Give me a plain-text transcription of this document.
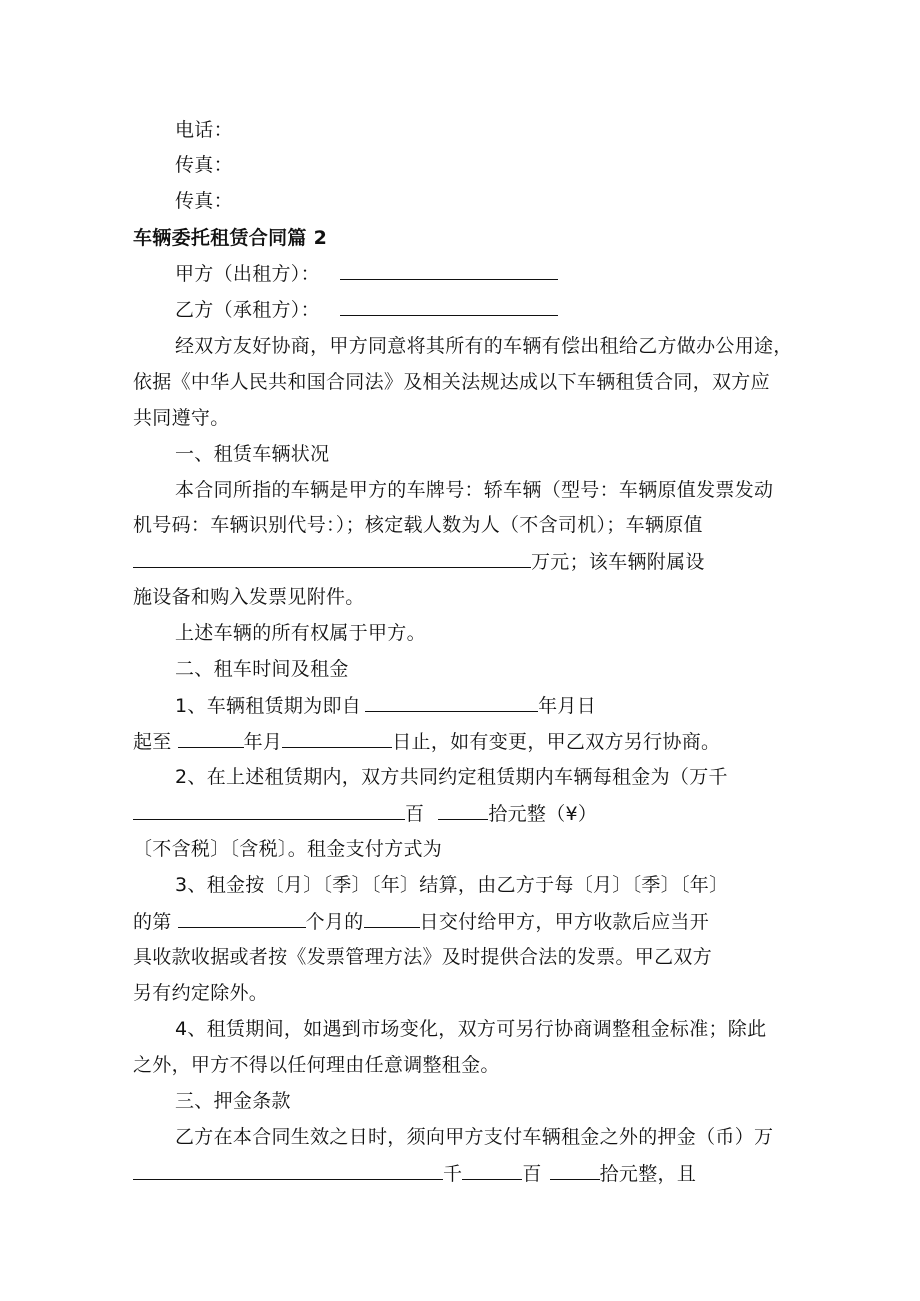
电话：
传真：
传真：
车辆委托租赁合同篇 2
甲方（出租方）：
乙方（承租方）：
经双方友好协商，甲方同意将其所有的车辆有偿出租给乙方做办公用途，
依据《中华人民共和国合同法》及相关法规达成以下车辆租赁合同，双方应
共同遵守。
一、租赁车辆状况
本合同所指的车辆是甲方的车牌号：轿车辆（型号：车辆原值发票发动
机号码：车辆识别代号：）；核定载人数为人（不含司机）；车辆原值
万元；该车辆附属设
施设备和购入发票见附件。
上述车辆的所有权属于甲方。
二、租车时间及租金
1、车辆租赁期为即自	年月日
起至	年月	日止，如有变更，甲乙双方另行协商。
2、在上述租赁期内，双方共同约定租赁期内车辆每租金为（万千
百	拾元整（¥）
〔不含税〕〔含税〕。租金支付方式为
3、租金按〔月〕〔季〕〔年〕结算，由乙方于每〔月〕〔季〕〔年〕
的第	个月的	日交付给甲方，甲方收款后应当开
具收款收据或者按《发票管理方法》及时提供合法的发票。甲乙双方
另有约定除外。
4、租赁期间，如遇到市场变化，双方可另行协商调整租金标准；除此
之外，甲方不得以任何理由任意调整租金。
三、押金条款
乙方在本合同生效之日时，须向甲方支付车辆租金之外的押金（币）万
千	百	拾元整，且
